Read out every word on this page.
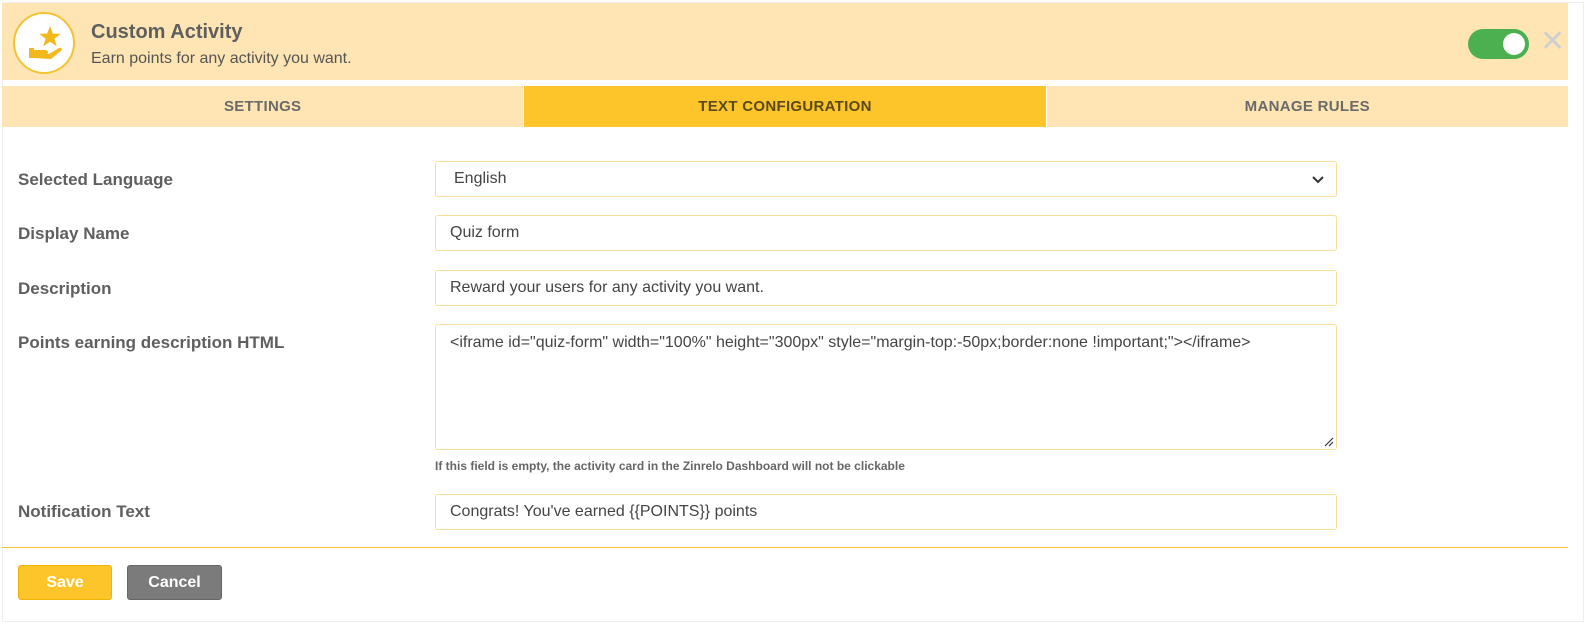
Custom Activity
Earn points for any activity you want.
✕
SETTINGS	TEXT CONFIGURATION	MANAGE RULES
Selected Language	English
Display Name	Quiz form
Description	Reward your users for any activity you want.
Points earning description HTML	<iframe id="quiz-form" width="100%" height="300px" style="margin-top:-50px;border:none !important;"></iframe>
If this field is empty, the activity card in the Zinrelo Dashboard will not be clickable
Notification Text	Congrats! You've earned {{POINTS}} points
Save	Cancel
